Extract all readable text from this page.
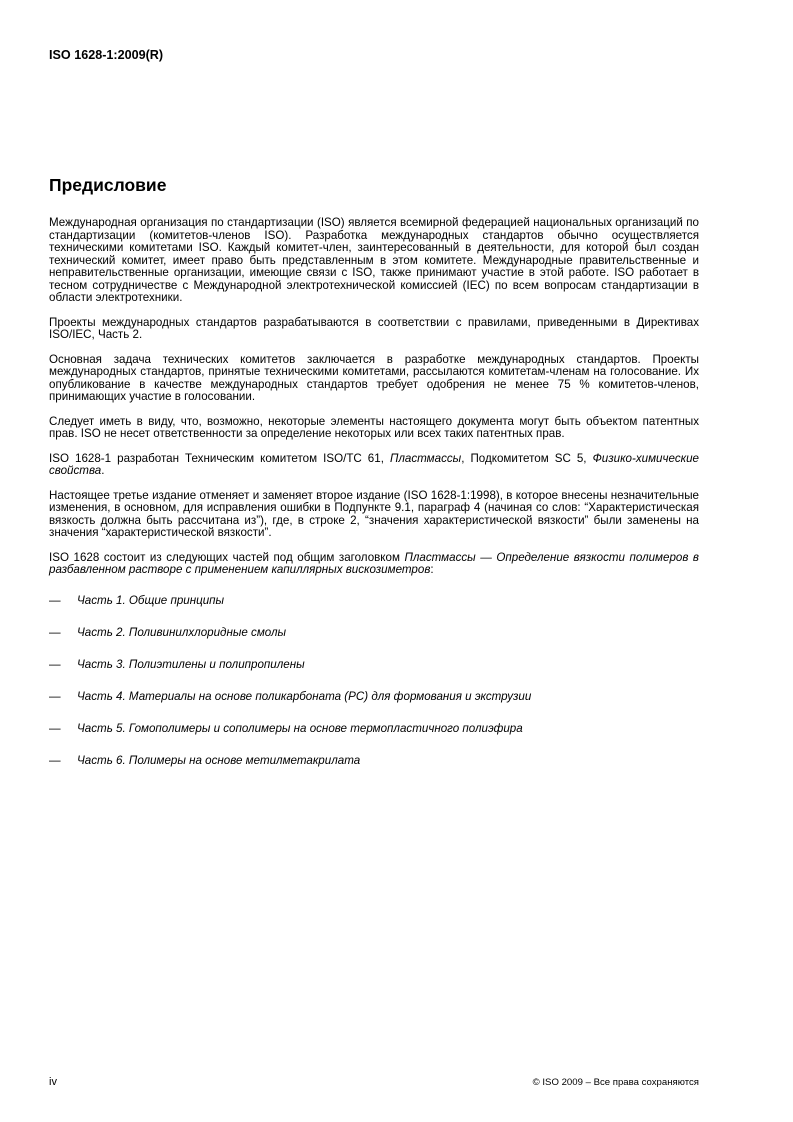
ISO 1628-1:2009(R)
Предисловие

Международная организация по стандартизации (ISO) является всемирной федерацией национальных организаций по стандартизации (комитетов-членов ISO). Разработка международных стандартов обычно осуществляется техническими комитетами ISO. Каждый комитет-член, заинтересованный в деятельности, для которой был создан технический комитет, имеет право быть представленным в этом комитете. Международные правительственные и неправительственные организации, имеющие связи с ISO, также принимают участие в этой работе. ISO работает в тесном сотрудничестве с Международной электротехнической комиссией (IEC) по всем вопросам стандартизации в области электротехники.

Проекты международных стандартов разрабатываются в соответствии с правилами, приведенными в Директивах ISO/IEC, Часть 2.

Основная задача технических комитетов заключается в разработке международных стандартов. Проекты международных стандартов, принятые техническими комитетами, рассылаются комитетам-членам на голосование. Их опубликование в качестве международных стандартов требует одобрения не менее 75 % комитетов-членов, принимающих участие в голосовании.

Следует иметь в виду, что, возможно, некоторые элементы настоящего документа могут быть объектом патентных прав. ISO не несет ответственности за определение некоторых или всех таких патентных прав.

ISO 1628-1 разработан Техническим комитетом ISO/TC 61, Пластмассы, Подкомитетом SC 5, Физико-химические свойства.

Настоящее третье издание отменяет и заменяет второе издание (ISO 1628-1:1998), в которое внесены незначительные изменения, в основном, для исправления ошибки в Подпункте 9.1, параграф 4 (начиная со слов: “Характеристическая вязкость должна быть рассчитана из”), где, в строке 2, “значения характеристической вязкости” были заменены на значения “характеристической вязкости”.

ISO 1628 состоит из следующих частей под общим заголовком Пластмассы — Определение вязкости полимеров в разбавленном растворе с применением капиллярных вискозиметров:

— Часть 1. Общие принципы
— Часть 2. Поливинилхлоридные смолы
— Часть 3. Полиэтилены и полипропилены
— Часть 4. Материалы на основе поликарбоната (PC) для формования и экструзии
— Часть 5. Гомополимеры и сополимеры на основе термопластичного полиэфира
— Часть 6. Полимеры на основе метилметакрилата
iv	© ISO 2009 – Все права сохраняются
